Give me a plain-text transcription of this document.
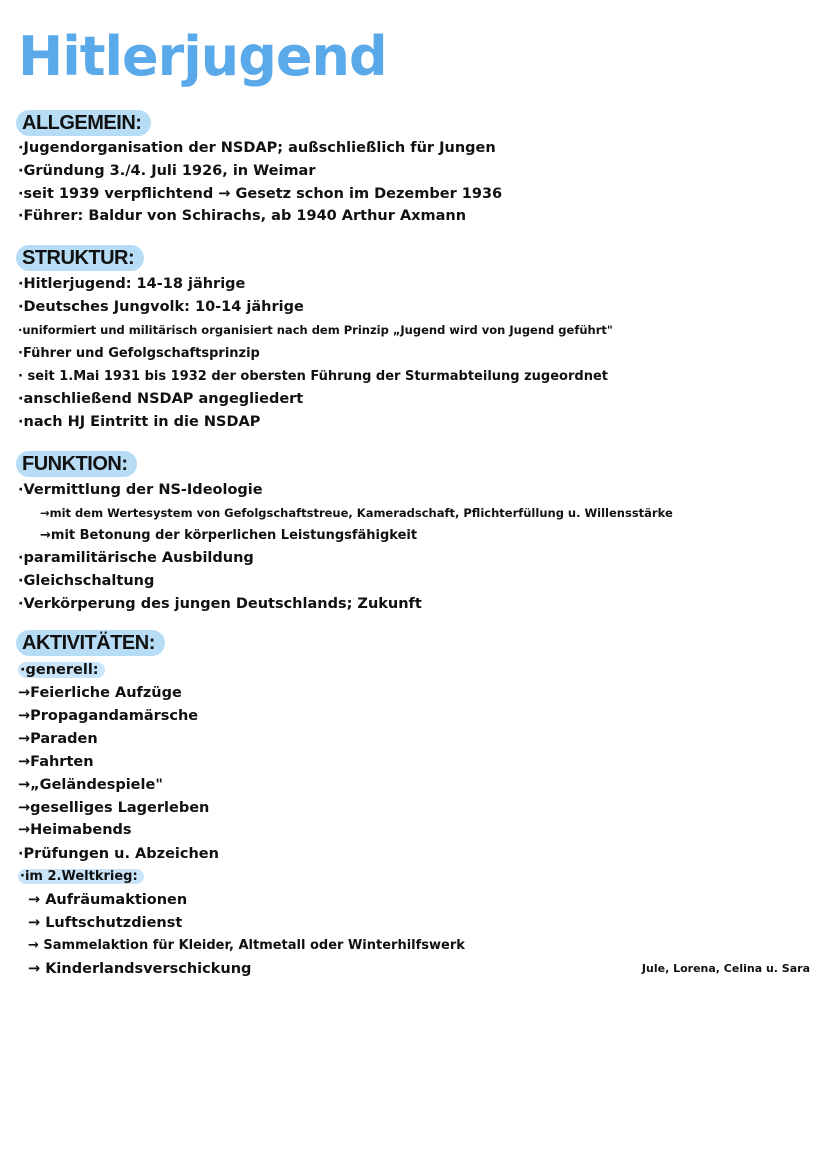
Hitlerjugend
ALLGEMEIN:
·Jugendorganisation der NSDAP; außschließlich für Jungen
·Gründung 3./4. Juli 1926, in Weimar
·seit 1939 verpflichtend → Gesetz schon im Dezember 1936
·Führer: Baldur von Schirachs, ab 1940 Arthur Axmann
STRUKTUR:
·Hitlerjugend: 14-18 jährige
·Deutsches Jungvolk: 10-14 jährige
·uniformiert und militärisch organisiert nach dem Prinzip „Jugend wird von Jugend geführt"
·Führer und Gefolgschaftsprinzip
· seit 1.Mai 1931 bis 1932 der obersten Führung der Sturmabteilung zugeordnet
·anschließend NSDAP angegliedert
·nach HJ Eintritt in die NSDAP
FUNKTION:
·Vermittlung der NS-Ideologie
→mit dem Wertesystem von Gefolgschaftstreue, Kameradschaft, Pflichterfüllung u. Willensstärke
→mit Betonung der körperlichen Leistungsfähigkeit
·paramilitärische Ausbildung
·Gleichschaltung
·Verkörperung des jungen Deutschlands; Zukunft
AKTIVITÄTEN:
·generell:
→Feierliche Aufzüge
→Propagandamärsche
→Paraden
→Fahrten
→„Geländespiele"
→geselliges Lagerleben
→Heimabends
·Prüfungen u. Abzeichen
·im 2.Weltkrieg:
→ Aufräumaktionen
→ Luftschutzdienst
→ Sammelaktion für Kleider, Altmetall oder Winterhilfswerk
→ Kinderlandsverschickung	Jule, Lorena, Celina u. Sara
